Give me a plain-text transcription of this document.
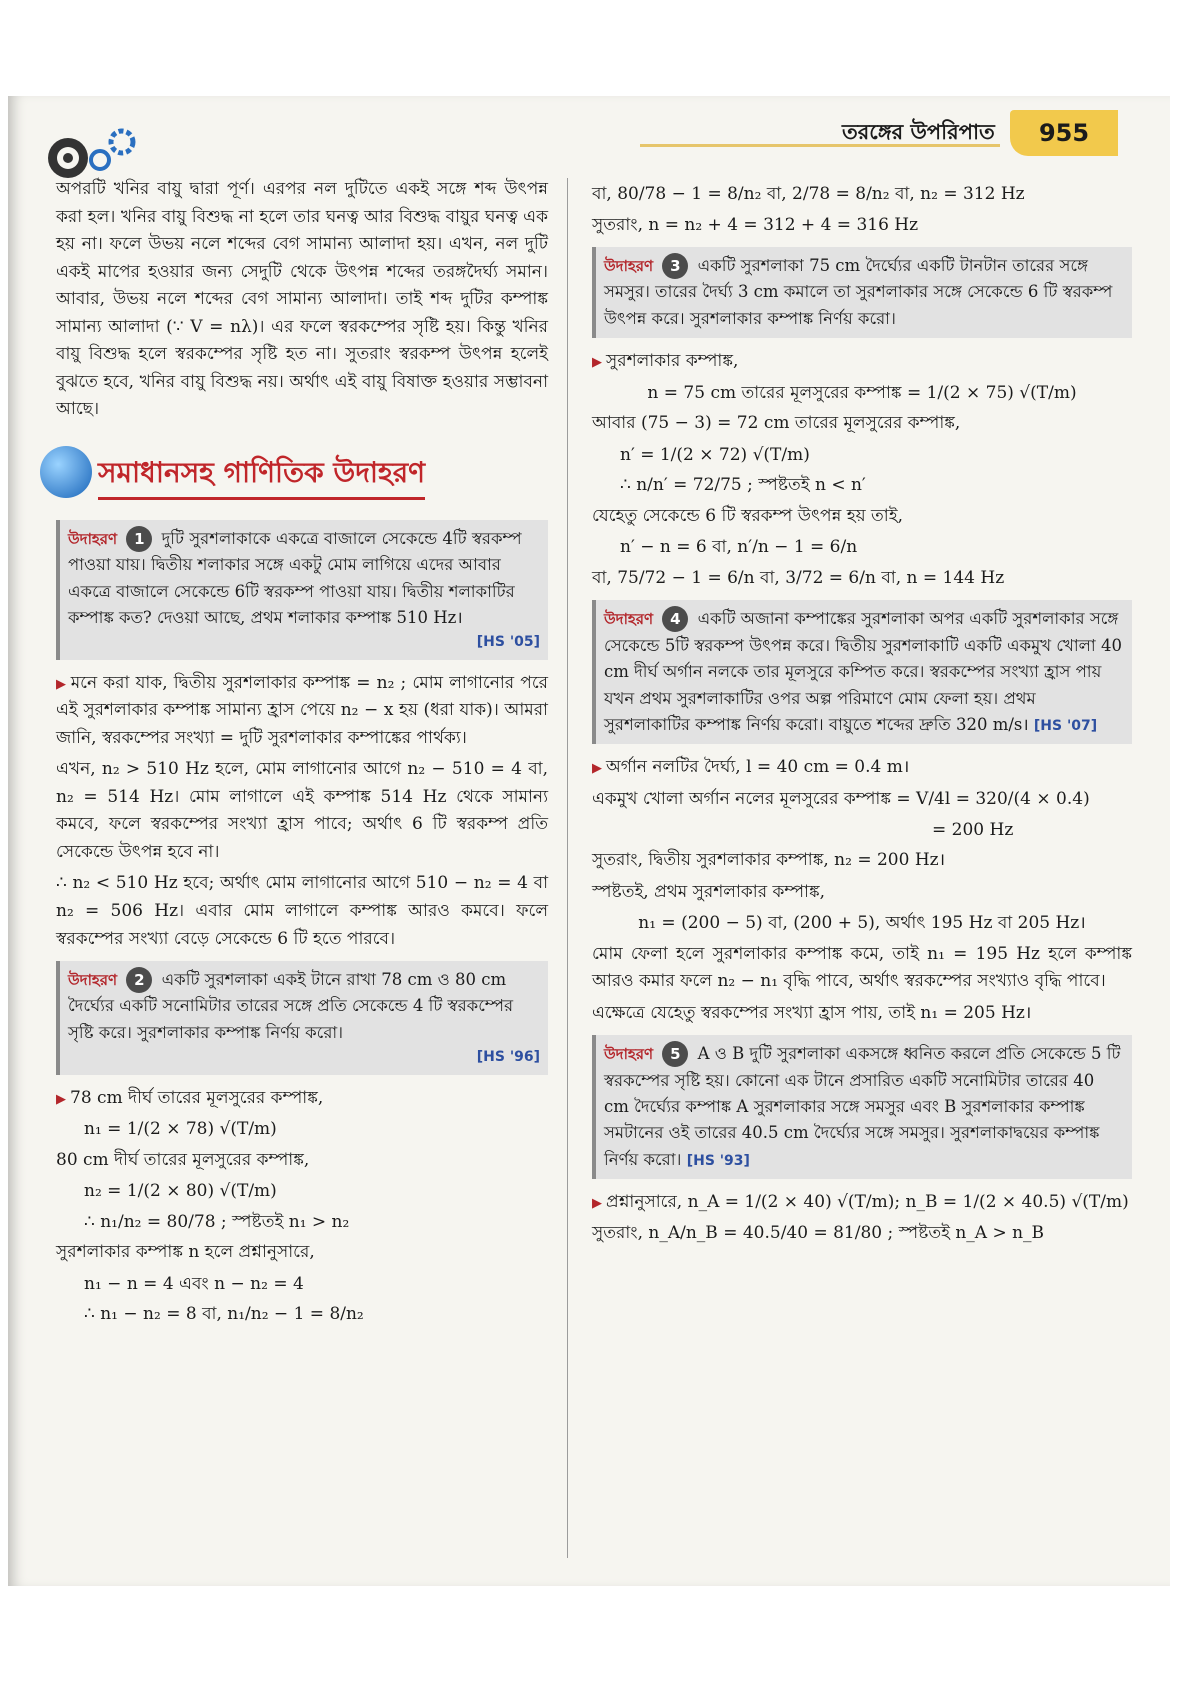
তরঙ্গের উপরিপাত	955

অপরটি খনির বায়ু দ্বারা পূর্ণ। এরপর নল দুটিতে একই সঙ্গে শব্দ উৎপন্ন করা হল। খনির বায়ু বিশুদ্ধ না হলে তার ঘনত্ব আর বিশুদ্ধ বায়ুর ঘনত্ব এক হয় না। ফলে উভয় নলে শব্দের বেগ সামান্য আলাদা হয়। এখন, নল দুটি একই মাপের হওয়ার জন্য সেদুটি থেকে উৎপন্ন শব্দের তরঙ্গদৈর্ঘ্য সমান। আবার, উভয় নলে শব্দের বেগ সামান্য আলাদা। তাই শব্দ দুটির কম্পাঙ্ক সামান্য আলাদা (∵ V = nλ)। এর ফলে স্বরকম্পের সৃষ্টি হয়। কিন্তু খনির বায়ু বিশুদ্ধ হলে স্বরকম্পের সৃষ্টি হত না। সুতরাং স্বরকম্প উৎপন্ন হলেই বুঝতে হবে, খনির বায়ু বিশুদ্ধ নয়। অর্থাৎ এই বায়ু বিষাক্ত হওয়ার সম্ভাবনা আছে।

সমাধানসহ গাণিতিক উদাহরণ
উদাহরণ 1 দুটি সুরশলাকাকে একত্রে বাজালে সেকেন্ডে 4টি স্বরকম্প পাওয়া যায়। দ্বিতীয় শলাকার সঙ্গে একটু মোম লাগিয়ে এদের আবার একত্রে বাজালে সেকেন্ডে 6টি স্বরকম্প পাওয়া যায়। দ্বিতীয় শলাকাটির কম্পাঙ্ক কত? দেওয়া আছে, প্রথম শলাকার কম্পাঙ্ক 510 Hz।
[HS '05]

▶ মনে করা যাক, দ্বিতীয় সুরশলাকার কম্পাঙ্ক = n₂ ; মোম লাগানোর পরে এই সুরশলাকার কম্পাঙ্ক সামান্য হ্রাস পেয়ে n₂ − x হয় (ধরা যাক)। আমরা জানি, স্বরকম্পের সংখ্যা = দুটি সুরশলাকার কম্পাঙ্কের পার্থক্য।

এখন, n₂ > 510 Hz হলে, মোম লাগানোর আগে n₂ − 510 = 4 বা, n₂ = 514 Hz। মোম লাগালে এই কম্পাঙ্ক 514 Hz থেকে সামান্য কমবে, ফলে স্বরকম্পের সংখ্যা হ্রাস পাবে; অর্থাৎ 6 টি স্বরকম্প প্রতি সেকেন্ডে উৎপন্ন হবে না।

∴ n₂ < 510 Hz হবে; অর্থাৎ মোম লাগানোর আগে 510 − n₂ = 4 বা n₂ = 506 Hz। এবার মোম লাগালে কম্পাঙ্ক আরও কমবে। ফলে স্বরকম্পের সংখ্যা বেড়ে সেকেন্ডে 6 টি হতে পারবে।

উদাহরণ 2 একটি সুরশলাকা একই টানে রাখা 78 cm ও 80 cm দৈর্ঘ্যের একটি সনোমিটার তারের সঙ্গে প্রতি সেকেন্ডে 4 টি স্বরকম্পের সৃষ্টি করে। সুরশলাকার কম্পাঙ্ক নির্ণয় করো।
[HS '96]

▶ 78 cm দীর্ঘ তারের মূলসুরের কম্পাঙ্ক,

n₁ = 1/(2 × 78) √(T/m)

80 cm দীর্ঘ তারের মূলসুরের কম্পাঙ্ক,

n₂ = 1/(2 × 80) √(T/m)
∴ n₁/n₂ = 80/78 ; স্পষ্টতই n₁ > n₂

সুরশলাকার কম্পাঙ্ক n হলে প্রশ্নানুসারে,

n₁ − n = 4 এবং n − n₂ = 4
∴ n₁ − n₂ = 8 বা, n₁/n₂ − 1 = 8/n₂
বা, 80/78 − 1 = 8/n₂ বা, 2/78 = 8/n₂ বা, n₂ = 312 Hz

সুতরাং, n = n₂ + 4 = 312 + 4 = 316 Hz

উদাহরণ 3 একটি সুরশলাকা 75 cm দৈর্ঘ্যের একটি টানটান তারের সঙ্গে সমসুর। তারের দৈর্ঘ্য 3 cm কমালে তা সুরশলাকার সঙ্গে সেকেন্ডে 6 টি স্বরকম্প উৎপন্ন করে। সুরশলাকার কম্পাঙ্ক নির্ণয় করো।

▶ সুরশলাকার কম্পাঙ্ক,

n = 75 cm তারের মূলসুরের কম্পাঙ্ক = 1/(2 × 75) √(T/m)

আবার (75 − 3) = 72 cm তারের মূলসুরের কম্পাঙ্ক,

n′ = 1/(2 × 72) √(T/m)
∴ n/n′ = 72/75 ; স্পষ্টতই n < n′

যেহেতু সেকেন্ডে 6 টি স্বরকম্প উৎপন্ন হয় তাই,

n′ − n = 6 বা, n′/n − 1 = 6/n
বা, 75/72 − 1 = 6/n বা, 3/72 = 6/n বা, n = 144 Hz
উদাহরণ 4 একটি অজানা কম্পাঙ্কের সুরশলাকা অপর একটি সুরশলাকার সঙ্গে সেকেন্ডে 5টি স্বরকম্প উৎপন্ন করে। দ্বিতীয় সুরশলাকাটি একটি একমুখ খোলা 40 cm দীর্ঘ অর্গান নলকে তার মূলসুরে কম্পিত করে। স্বরকম্পের সংখ্যা হ্রাস পায় যখন প্রথম সুরশলাকাটির ওপর অল্প পরিমাণে মোম ফেলা হয়। প্রথম সুরশলাকাটির কম্পাঙ্ক নির্ণয় করো। বায়ুতে শব্দের দ্রুতি 320 m/s। [HS '07]

▶ অর্গান নলটির দৈর্ঘ্য, l = 40 cm = 0.4 m।

একমুখ খোলা অর্গান নলের মূলসুরের কম্পাঙ্ক = V/4l = 320/(4 × 0.4)
= 200 Hz

সুতরাং, দ্বিতীয় সুরশলাকার কম্পাঙ্ক, n₂ = 200 Hz।

স্পষ্টতই, প্রথম সুরশলাকার কম্পাঙ্ক,

n₁ = (200 − 5) বা, (200 + 5), অর্থাৎ 195 Hz বা 205 Hz।

মোম ফেলা হলে সুরশলাকার কম্পাঙ্ক কমে, তাই n₁ = 195 Hz হলে কম্পাঙ্ক আরও কমার ফলে n₂ − n₁ বৃদ্ধি পাবে, অর্থাৎ স্বরকম্পের সংখ্যাও বৃদ্ধি পাবে।

এক্ষেত্রে যেহেতু স্বরকম্পের সংখ্যা হ্রাস পায়, তাই n₁ = 205 Hz।

উদাহরণ 5 A ও B দুটি সুরশলাকা একসঙ্গে ধ্বনিত করলে প্রতি সেকেন্ডে 5 টি স্বরকম্পের সৃষ্টি হয়। কোনো এক টানে প্রসারিত একটি সনোমিটার তারের 40 cm দৈর্ঘ্যের কম্পাঙ্ক A সুরশলাকার সঙ্গে সমসুর এবং B সুরশলাকার কম্পাঙ্ক সমটানের ওই তারের 40.5 cm দৈর্ঘ্যের সঙ্গে সমসুর। সুরশলাকাদ্বয়ের কম্পাঙ্ক নির্ণয় করো। [HS '93]
▶ প্রশ্নানুসারে, n_A = 1/(2 × 40) √(T/m); n_B = 1/(2 × 40.5) √(T/m)
সুতরাং, n_A/n_B = 40.5/40 = 81/80 ; স্পষ্টতই n_A > n_B
